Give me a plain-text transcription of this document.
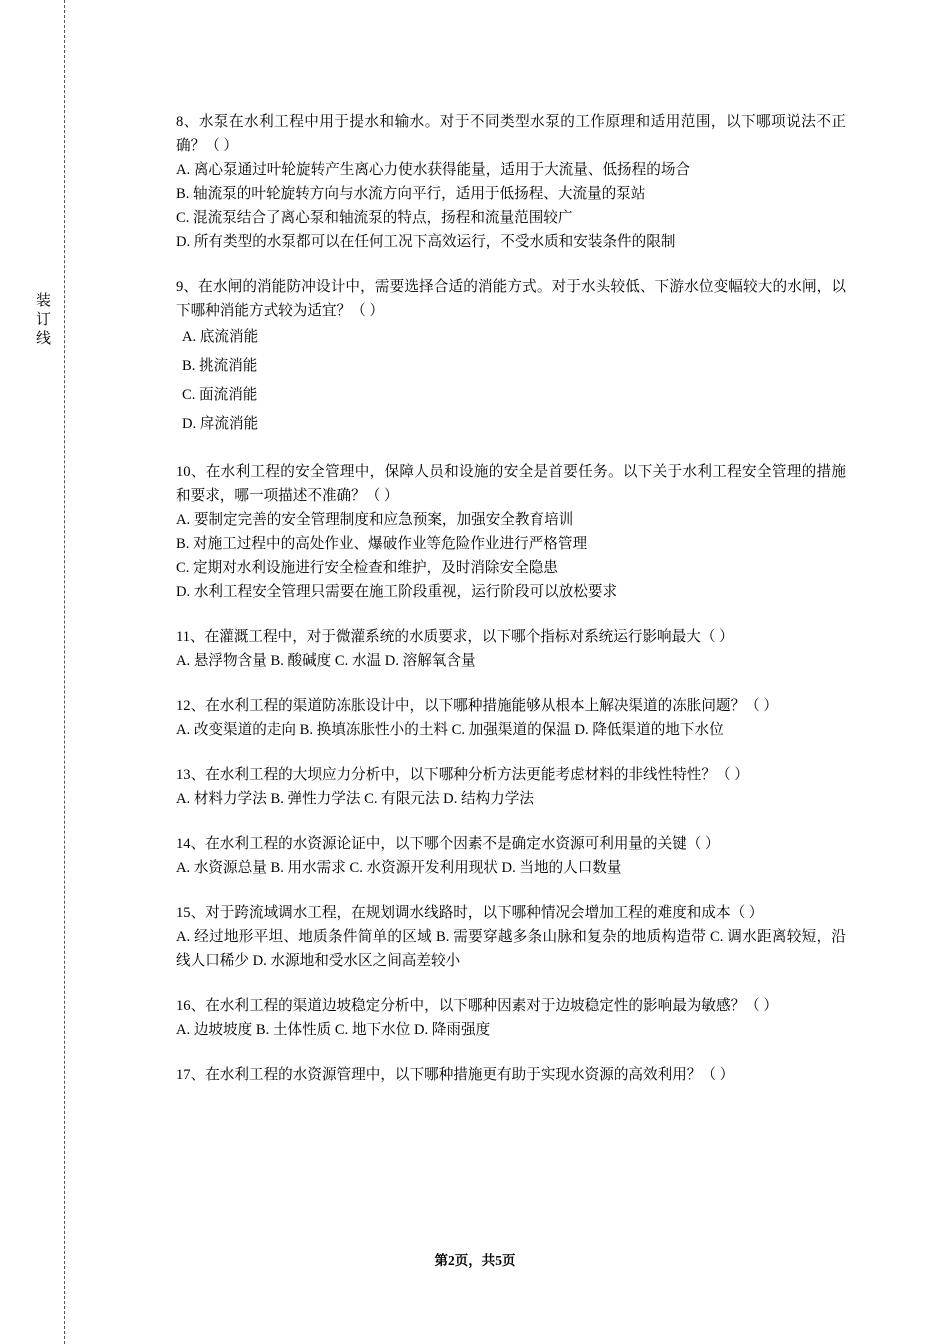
装订线
8、水泵在水利工程中用于提水和输水。对于不同类型水泵的工作原理和适用范围，以下哪项说法不正确？（ ）
A. 离心泵通过叶轮旋转产生离心力使水获得能量，适用于大流量、低扬程的场合
B. 轴流泵的叶轮旋转方向与水流方向平行，适用于低扬程、大流量的泵站
C. 混流泵结合了离心泵和轴流泵的特点，扬程和流量范围较广
D. 所有类型的水泵都可以在任何工况下高效运行，不受水质和安装条件的限制
9、在水闸的消能防冲设计中，需要选择合适的消能方式。对于水头较低、下游水位变幅较大的水闸，以下哪种消能方式较为适宜？（ ）
A. 底流消能
B. 挑流消能
C. 面流消能
D. 戽流消能
10、在水利工程的安全管理中，保障人员和设施的安全是首要任务。以下关于水利工程安全管理的措施和要求，哪一项描述不准确？（ ）
A. 要制定完善的安全管理制度和应急预案，加强安全教育培训
B. 对施工过程中的高处作业、爆破作业等危险作业进行严格管理
C. 定期对水利设施进行安全检查和维护，及时消除安全隐患
D. 水利工程安全管理只需要在施工阶段重视，运行阶段可以放松要求
11、在灌溉工程中，对于微灌系统的水质要求，以下哪个指标对系统运行影响最大（ ）
A. 悬浮物含量 B. 酸碱度 C. 水温 D. 溶解氧含量
12、在水利工程的渠道防冻胀设计中，以下哪种措施能够从根本上解决渠道的冻胀问题？（ ）
A. 改变渠道的走向 B. 换填冻胀性小的土料 C. 加强渠道的保温 D. 降低渠道的地下水位
13、在水利工程的大坝应力分析中，以下哪种分析方法更能考虑材料的非线性特性？（ ）
A. 材料力学法 B. 弹性力学法 C. 有限元法 D. 结构力学法
14、在水利工程的水资源论证中，以下哪个因素不是确定水资源可利用量的关键（ ）
A. 水资源总量 B. 用水需求 C. 水资源开发利用现状 D. 当地的人口数量
15、对于跨流域调水工程，在规划调水线路时，以下哪种情况会增加工程的难度和成本（ ）
A. 经过地形平坦、地质条件简单的区域 B. 需要穿越多条山脉和复杂的地质构造带 C. 调水距离较短，沿线人口稀少 D. 水源地和受水区之间高差较小
16、在水利工程的渠道边坡稳定分析中，以下哪种因素对于边坡稳定性的影响最为敏感？（ ）
A. 边坡坡度 B. 土体性质 C. 地下水位 D. 降雨强度
17、在水利工程的水资源管理中，以下哪种措施更有助于实现水资源的高效利用？（ ）
第2页，共5页
